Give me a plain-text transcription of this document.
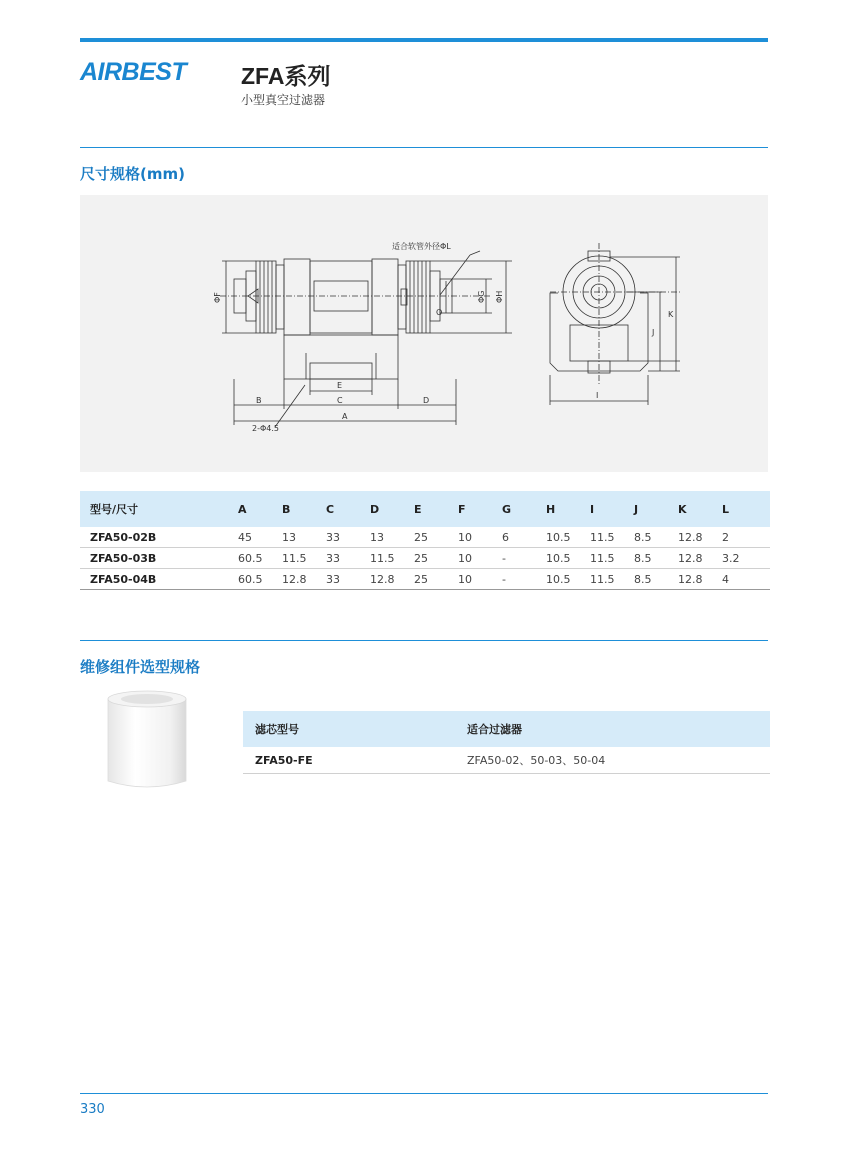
AIRBEST ZFA系列
小型真空过滤器
尺寸规格(mm)
适合软管外径ΦL
ΦF	ΦG ΦH
O
A
B	C	D
E
2-Φ4.5
I
J
K
型号/尺寸	A	B	C	D	E	F	G	H	I	J	K	L
ZFA50-02B	45	13	33	13	25	10	6	10.5	11.5	8.5	12.8	2
ZFA50-03B	60.5	11.5	33	11.5	25	10	-	10.5	11.5	8.5	12.8	3.2
ZFA50-04B	60.5	12.8	33	12.8	25	10	-	10.5	11.5	8.5	12.8	4
维修组件选型规格
滤芯型号	适合过滤器
ZFA50-FE	ZFA50-02、50-03、50-04
330
